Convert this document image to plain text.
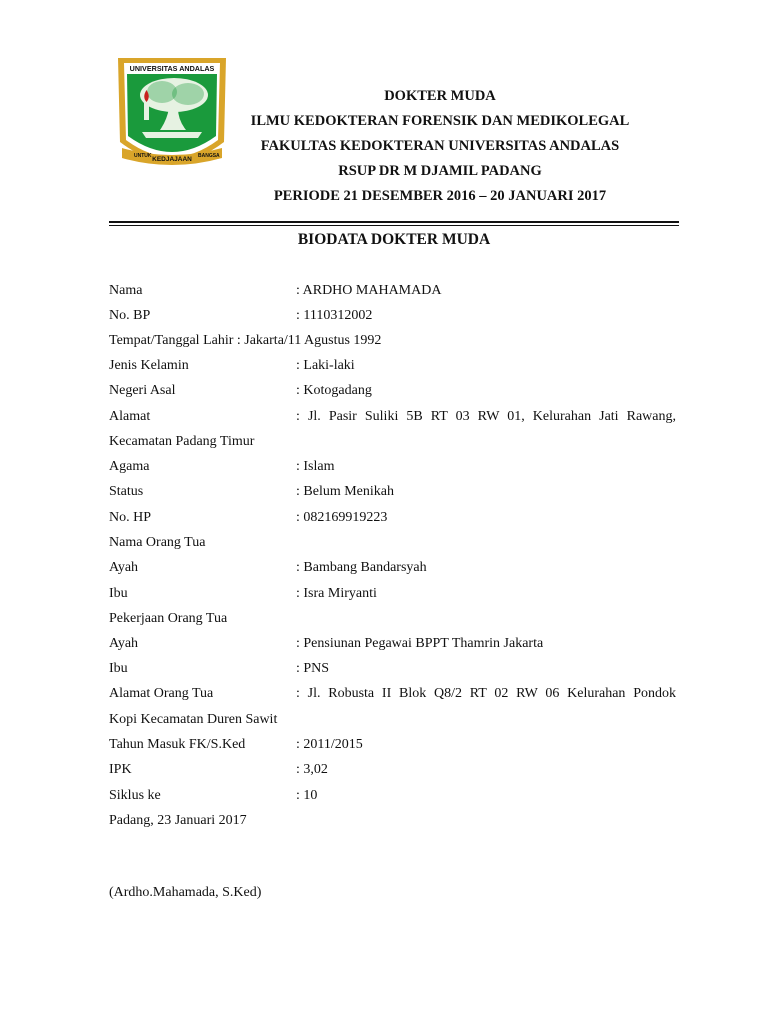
UNIVERSITAS ANDALAS
UNTUK KEDJAJAAN BANGSA
DOKTER MUDA
ILMU KEDOKTERAN FORENSIK DAN MEDIKOLEGAL
FAKULTAS KEDOKTERAN UNIVERSITAS ANDALAS
RSUP DR M DJAMIL PADANG
PERIODE 21 DESEMBER 2016 – 20 JANUARI 2017
BIODATA DOKTER MUDA
Nama	: ARDHO MAHAMADA
No. BP	: 1110312002
Tempat/Tanggal Lahir : Jakarta/11 Agustus 1992
Jenis Kelamin	: Laki-laki
Negeri Asal	: Kotogadang
Alamat	: Jl. Pasir Suliki 5B RT 03 RW 01, Kelurahan Jati Rawang,
Kecamatan Padang Timur
Agama	: Islam
Status	: Belum Menikah
No. HP	: 082169919223
Nama Orang Tua
Ayah	: Bambang Bandarsyah
Ibu	: Isra Miryanti
Pekerjaan Orang Tua
Ayah	: Pensiunan Pegawai BPPT Thamrin Jakarta
Ibu	: PNS
Alamat Orang Tua	: Jl. Robusta II Blok Q8/2 RT 02 RW 06 Kelurahan Pondok
Kopi Kecamatan Duren Sawit
Tahun Masuk FK/S.Ked	: 2011/2015
IPK	: 3,02
Siklus ke	: 10
Padang, 23 Januari 2017
(Ardho.Mahamada, S.Ked)
